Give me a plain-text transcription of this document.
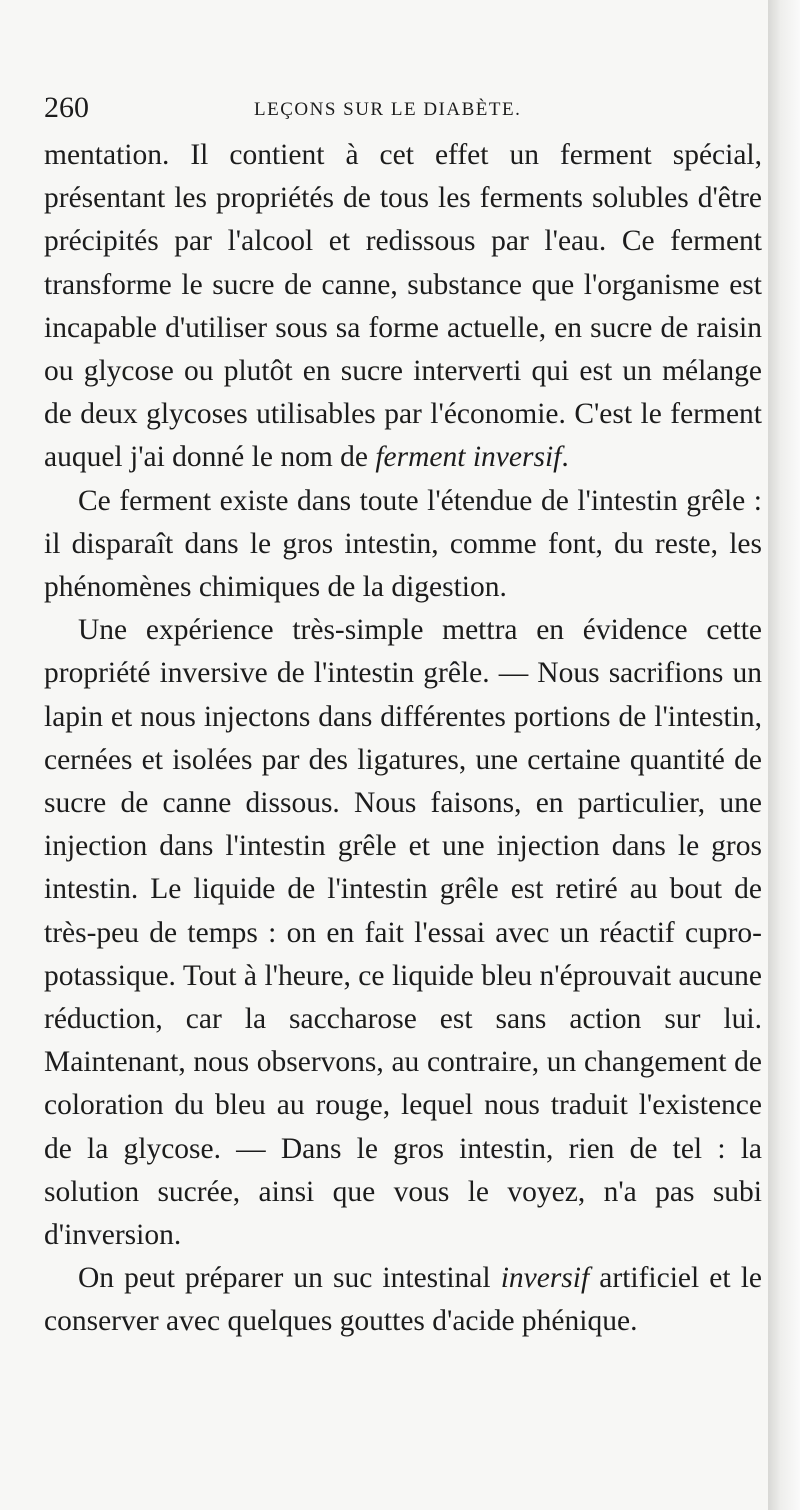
260	LEÇONS SUR LE DIABÈTE.

mentation. Il contient à cet effet un ferment spécial, présentant les propriétés de tous les ferments solubles d'être précipités par l'alcool et redissous par l'eau. Ce ferment transforme le sucre de canne, substance que l'organisme est incapable d'utiliser sous sa forme actuelle, en sucre de raisin ou glycose ou plutôt en sucre interverti qui est un mélange de deux glycoses utilisables par l'économie. C'est le ferment auquel j'ai donné le nom de ferment inversif.

Ce ferment existe dans toute l'étendue de l'intestin grêle : il disparaît dans le gros intestin, comme font, du reste, les phénomènes chimiques de la digestion.

Une expérience très-simple mettra en évidence cette propriété inversive de l'intestin grêle. — Nous sacrifions un lapin et nous injectons dans différentes portions de l'intestin, cernées et isolées par des ligatures, une certaine quantité de sucre de canne dissous. Nous faisons, en particulier, une injection dans l'intestin grêle et une injection dans le gros intestin. Le liquide de l'intestin grêle est retiré au bout de très-peu de temps : on en fait l'essai avec un réactif cupro-potassique. Tout à l'heure, ce liquide bleu n'éprouvait aucune réduction, car la saccharose est sans action sur lui. Maintenant, nous observons, au contraire, un changement de coloration du bleu au rouge, lequel nous traduit l'existence de la glycose. — Dans le gros intestin, rien de tel : la solution sucrée, ainsi que vous le voyez, n'a pas subi d'inversion.

On peut préparer un suc intestinal inversif artificiel et le conserver avec quelques gouttes d'acide phénique.
